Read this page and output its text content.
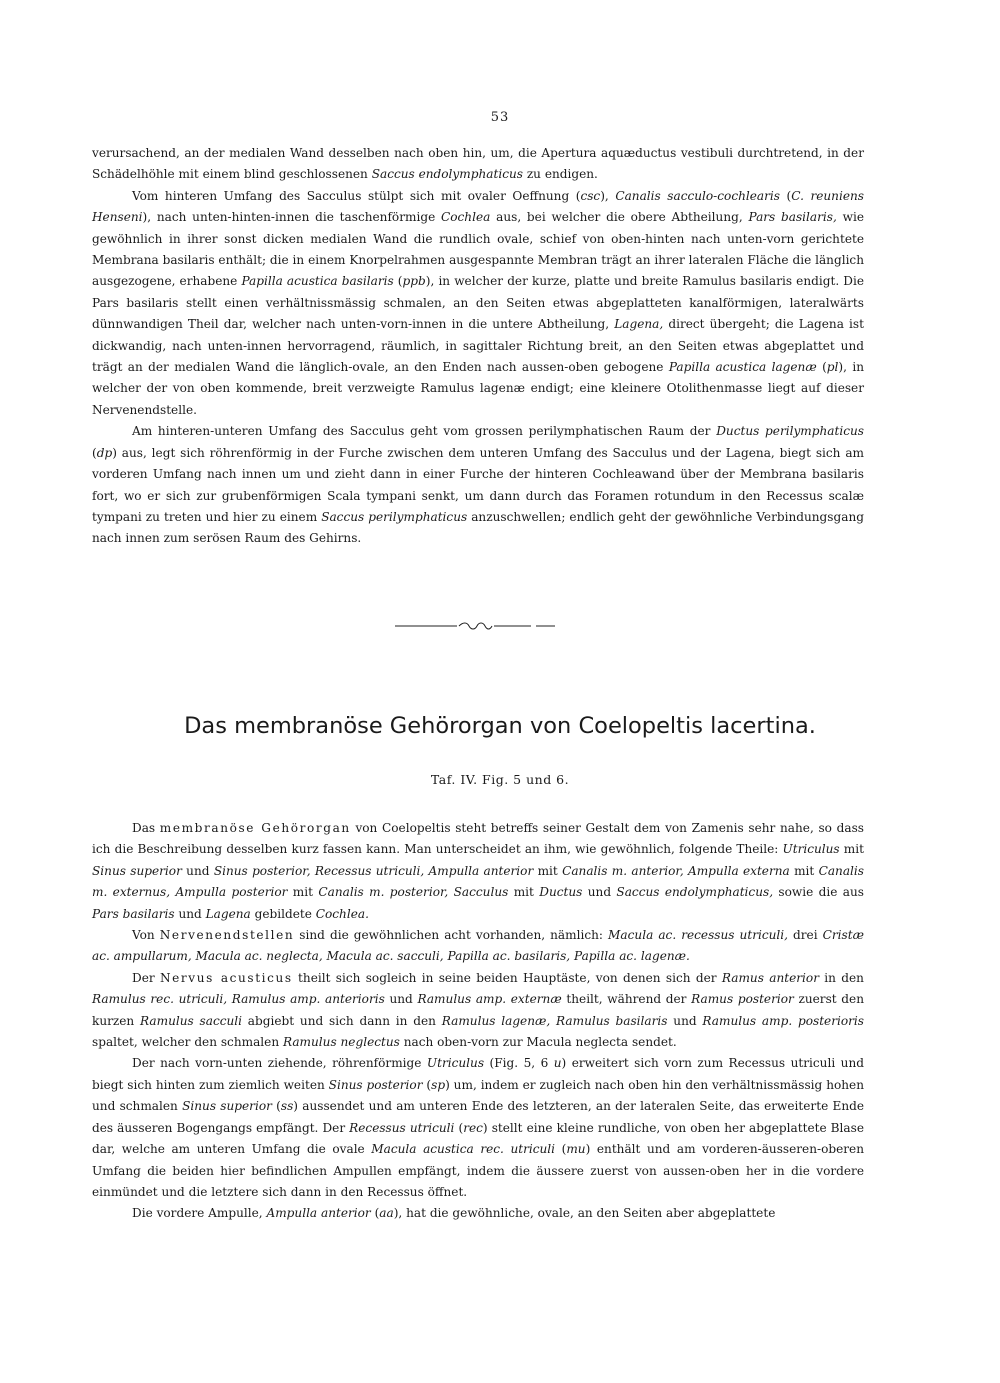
53

verursachend, an der medialen Wand desselben nach oben hin, um, die Apertura aquæductus vestibuli durchtretend, in der Schädelhöhle mit einem blind geschlossenen Saccus endolymphaticus zu endigen.

Vom hinteren Umfang des Sacculus stülpt sich mit ovaler Oeffnung (csc), Canalis sacculo-cochlearis (C. reuniens Henseni), nach unten-hinten-innen die taschenförmige Cochlea aus, bei welcher die obere Abtheilung, Pars basilaris, wie gewöhnlich in ihrer sonst dicken medialen Wand die rundlich ovale, schief von oben-hinten nach unten-vorn gerichtete Membrana basilaris enthält; die in einem Knorpelrahmen ausgespannte Membran trägt an ihrer lateralen Fläche die länglich ausgezogene, erhabene Papilla acustica basilaris (ppb), in welcher der kurze, platte und breite Ramulus basilaris endigt. Die Pars basilaris stellt einen verhältnissmässig schmalen, an den Seiten etwas abgeplatteten kanalförmigen, lateralwärts dünnwandigen Theil dar, welcher nach unten-vorn-innen in die untere Abtheilung, Lagena, direct übergeht; die Lagena ist dickwandig, nach unten-innen hervorragend, räumlich, in sagittaler Richtung breit, an den Seiten etwas abgeplattet und trägt an der medialen Wand die länglich-ovale, an den Enden nach aussen-oben gebogene Papilla acustica lagenæ (pl), in welcher der von oben kommende, breit verzweigte Ramulus lagenæ endigt; eine kleinere Otolithenmasse liegt auf dieser Nervenendstelle.

Am hinteren-unteren Umfang des Sacculus geht vom grossen perilymphatischen Raum der Ductus perilymphaticus (dp) aus, legt sich röhrenförmig in der Furche zwischen dem unteren Umfang des Sacculus und der Lagena, biegt sich am vorderen Umfang nach innen um und zieht dann in einer Furche der hinteren Cochleawand über der Membrana basilaris fort, wo er sich zur grubenförmigen Scala tympani senkt, um dann durch das Foramen rotundum in den Recessus scalæ tympani zu treten und hier zu einem Saccus perilymphaticus anzuschwellen; endlich geht der gewöhnliche Verbindungsgang nach innen zum serösen Raum des Gehirns.

Das membranöse Gehörorgan von Coelopeltis lacertina.
Taf. IV. Fig. 5 und 6.

Das membranöse Gehörorgan von Coelopeltis steht betreffs seiner Gestalt dem von Zamenis sehr nahe, so dass ich die Beschreibung desselben kurz fassen kann. Man unterscheidet an ihm, wie gewöhnlich, folgende Theile: Utriculus mit Sinus superior und Sinus posterior, Recessus utriculi, Ampulla anterior mit Canalis m. anterior, Ampulla externa mit Canalis m. externus, Ampulla posterior mit Canalis m. posterior, Sacculus mit Ductus und Saccus endolymphaticus, sowie die aus Pars basilaris und Lagena gebildete Cochlea.

Von Nervenendstellen sind die gewöhnlichen acht vorhanden, nämlich: Macula ac. recessus utriculi, drei Cristæ ac. ampullarum, Macula ac. neglecta, Macula ac. sacculi, Papilla ac. basilaris, Papilla ac. lagenæ.

Der Nervus acusticus theilt sich sogleich in seine beiden Hauptäste, von denen sich der Ramus anterior in den Ramulus rec. utriculi, Ramulus amp. anterioris und Ramulus amp. externæ theilt, während der Ramus posterior zuerst den kurzen Ramulus sacculi abgiebt und sich dann in den Ramulus lagenæ, Ramulus basilaris und Ramulus amp. posterioris spaltet, welcher den schmalen Ramulus neglectus nach oben-vorn zur Macula neglecta sendet.

Der nach vorn-unten ziehende, röhrenförmige Utriculus (Fig. 5, 6 u) erweitert sich vorn zum Recessus utriculi und biegt sich hinten zum ziemlich weiten Sinus posterior (sp) um, indem er zugleich nach oben hin den verhältnissmässig hohen und schmalen Sinus superior (ss) aussendet und am unteren Ende des letzteren, an der lateralen Seite, das erweiterte Ende des äusseren Bogengangs empfängt. Der Recessus utriculi (rec) stellt eine kleine rundliche, von oben her abgeplattete Blase dar, welche am unteren Umfang die ovale Macula acustica rec. utriculi (mu) enthält und am vorderen-äusseren-oberen Umfang die beiden hier befindlichen Ampullen empfängt, indem die äussere zuerst von aussen-oben her in die vordere einmündet und die letztere sich dann in den Recessus öffnet.

Die vordere Ampulle, Ampulla anterior (aa), hat die gewöhnliche, ovale, an den Seiten aber abgeplattete
